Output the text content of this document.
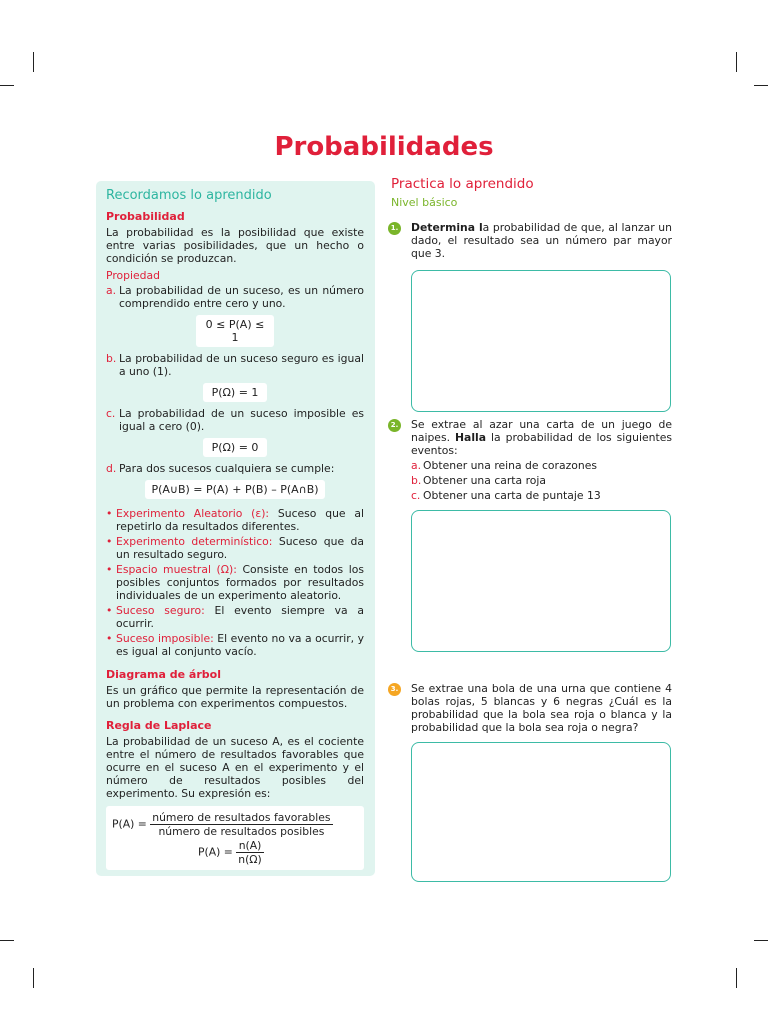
Probabilidades
Recordamos lo aprendido
Probabilidad

La probabilidad es la posibilidad que existe entre varias posibilidades, que un hecho o condición se produzcan.

Propiedad
a. La probabilidad de un suceso, es un número comprendido entre cero y uno.
0 ≤ P(A) ≤ 1
b. La probabilidad de un suceso seguro es igual a uno (1).
P(Ω) = 1
c. La probabilidad de un suceso imposible es igual a cero (0).
P(Ω) = 0
d. Para dos sucesos cualquiera se cumple:
P(A∪B) = P(A) + P(B) – P(A∩B)
• Experimento Aleatorio (ε): Suceso que al repetirlo da resultados diferentes.
• Experimento determinístico: Suceso que da un resultado seguro.
• Espacio muestral (Ω): Consiste en todos los posibles conjuntos formados por resultados individuales de un experimento aleatorio.
• Suceso seguro: El evento siempre va a ocurrir.
• Suceso imposible: El evento no va a ocurrir, y es igual al conjunto vacío.
Diagrama de árbol

Es un gráfico que permite la representación de un problema con experimentos compuestos.

Regla de Laplace

La probabilidad de un suceso A, es el cociente entre el número de resultados favorables que ocurre en el suceso A en el experimento y el número de resultados posibles del experimento. Su expresión es:

$P(A) = \frac{\text{número de resultados favorables}}{\text{número de resultados posibles}}$
$P(A) = \frac{n(A)}{n(\Omega)}$
Practica lo aprendido
Nivel básico
1. Determina la probabilidad de que, al lanzar un dado, el resultado sea un número par mayor que 3.
2. Se extrae al azar una carta de un juego de naipes. Halla la probabilidad de los siguientes eventos:
a. Obtener una reina de corazones
b. Obtener una carta roja
c. Obtener una carta de puntaje 13
3. Se extrae una bola de una urna que contiene 4 bolas rojas, 5 blancas y 6 negras ¿Cuál es la probabilidad que la bola sea roja o blanca y la probabilidad que la bola sea roja o negra?
